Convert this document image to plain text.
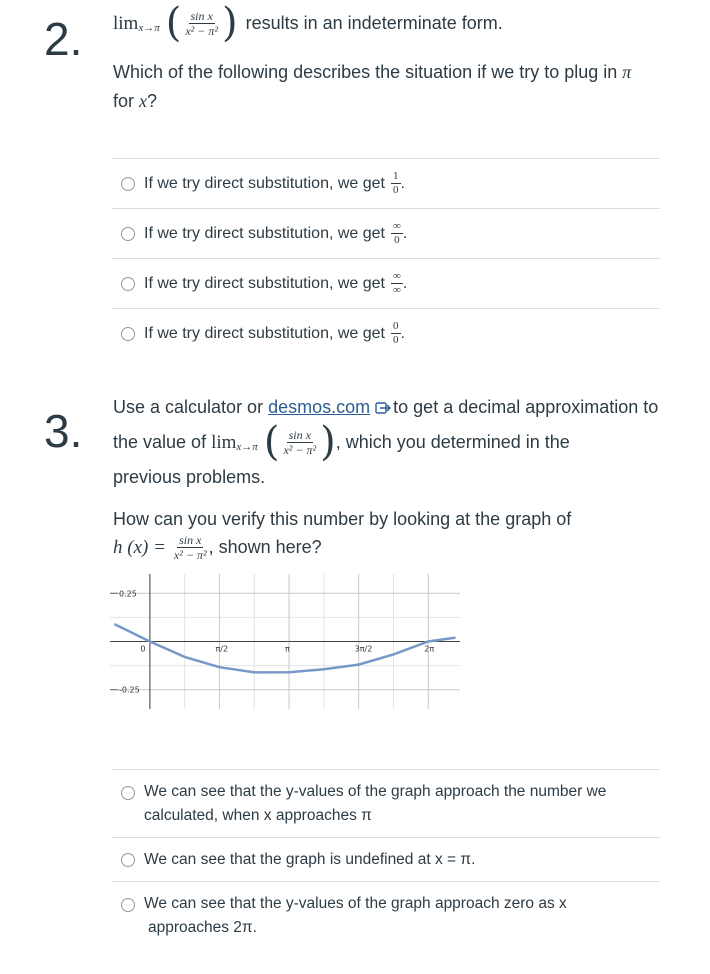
2. lim x→π ( $\frac{\text{sin x}}{\text{x² − π²}}$ ) results in an indeterminate form.
Which of the following describes the situation if we try to plug in π
for x?
If we try direct substitution, we get $\frac{1}{0}$ .
If we try direct substitution, we get $\frac{\infty}{0}$ .
If we try direct substitution, we get $\frac{\infty}{\infty}$ .
If we try direct substitution, we get $\frac{0}{0}$ .
3. Use a calculator or desmos.com to get a decimal approximation to
the value of lim x→π ( $\frac{\text{sin x}}{\text{x² − π²}}$ ) , which you determined in the
previous problems.
How can you verify this number by looking at the graph of
h $(x) = \frac{\text{sin x}}{\text{x² − π²}}$ , shown here?
0	π/2	π	3π/2	2π
0.25
-0.25
We can see that the y-values of the graph approach the number we
calculated, when x approaches π
We can see that the graph is undefined at x = π.
We can see that the y-values of the graph approach zero as x
approaches 2π.
